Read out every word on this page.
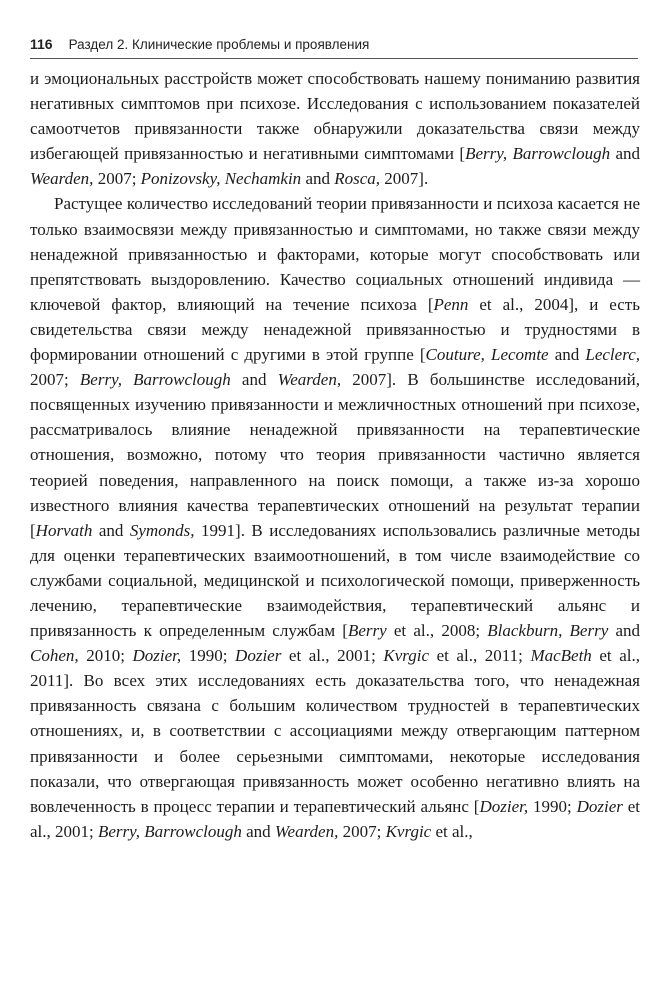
116 Раздел 2. Клинические проблемы и проявления

и эмоциональных расстройств может способствовать нашему пониманию развития негативных симптомов при психозе. Исследования с использованием показателей самоотчетов привязанности также обнаружили доказательства связи между избегающей привязанностью и негативными симптомами [Berry, Barrowclough and Wearden, 2007; Ponizovsky, Nechamkin and Rosca, 2007].

Растущее количество исследований теории привязанности и психоза касается не только взаимосвязи между привязанностью и симптомами, но также связи между ненадежной привязанностью и факторами, которые могут способствовать или препятствовать выздоровлению. Качество социальных отношений индивида — ключевой фактор, влияющий на течение психоза [Penn et al., 2004], и есть свидетельства связи между ненадежной привязанностью и трудностями в формировании отношений с другими в этой группе [Couture, Lecomte and Leclerc, 2007; Berry, Barrowclough and Wearden, 2007]. В большинстве исследований, посвященных изучению привязанности и межличностных отношений при психозе, рассматривалось влияние ненадежной привязанности на терапевтические отношения, возможно, потому что теория привязанности частично является теорией поведения, направленного на поиск помощи, а также из-за хорошо известного влияния качества терапевтических отношений на результат терапии [Horvath and Symonds, 1991]. В исследованиях использовались различные методы для оценки терапевтических взаимоотношений, в том числе взаимодействие со службами социальной, медицинской и психологической помощи, приверженность лечению, терапевтические взаимодействия, терапевтический альянс и привязанность к определенным службам [Berry et al., 2008; Blackburn, Berry and Cohen, 2010; Dozier, 1990; Dozier et al., 2001; Kvrgic et al., 2011; MacBeth et al., 2011]. Во всех этих исследованиях есть доказательства того, что ненадежная привязанность связана с большим количеством трудностей в терапевтических отношениях, и, в соответствии с ассоциациями между отвергающим паттерном привязанности и более серьезными симптомами, некоторые исследования показали, что отвергающая привязанность может особенно негативно влиять на вовлеченность в процесс терапии и терапевтический альянс [Dozier, 1990; Dozier et al., 2001; Berry, Barrowclough and Wearden, 2007; Kvrgic et al.,
